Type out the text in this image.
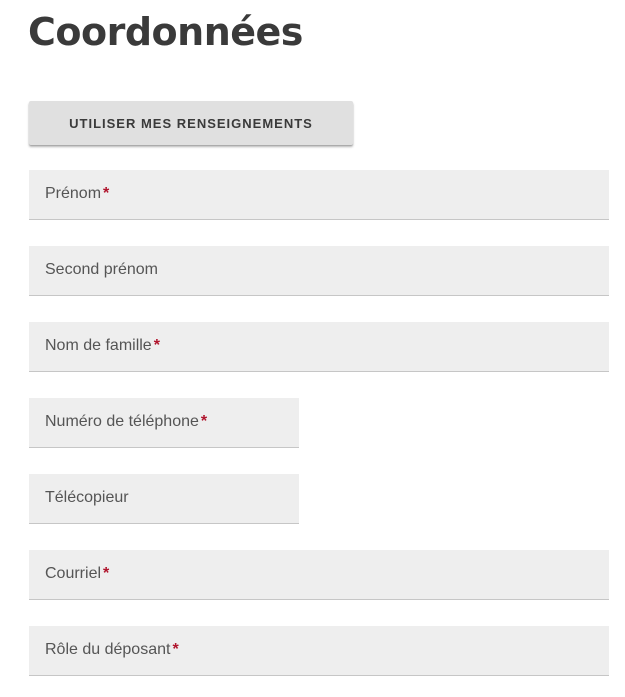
Coordonnées
UTILISER MES RENSEIGNEMENTS
Prénom *
Second prénom
Nom de famille *
Numéro de téléphone *
Télécopieur
Courriel *
Rôle du déposant *
